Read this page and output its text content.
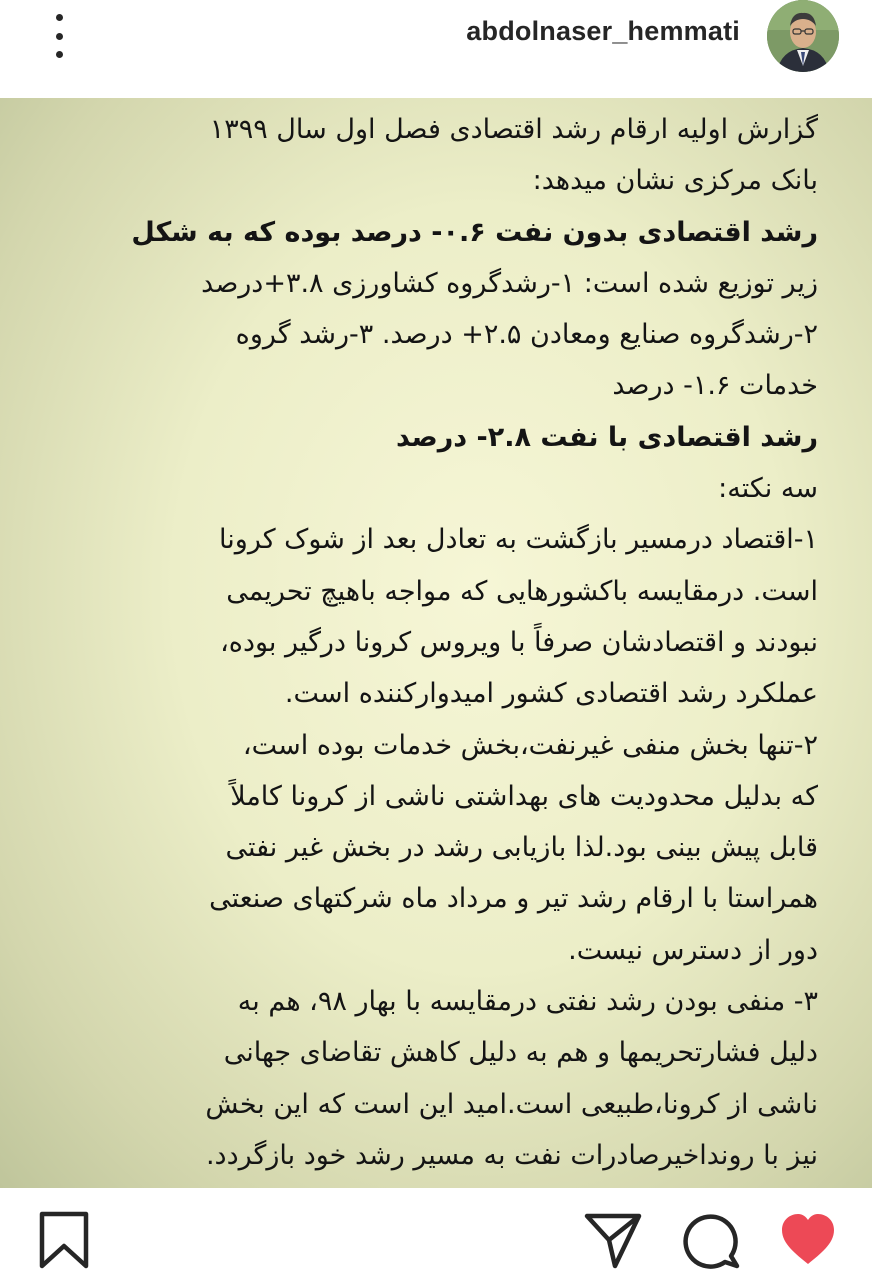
abdolnaser_hemmati

گزارش اولیه ارقام رشد اقتصادی فصل اول سال ۱۳۹۹

بانک مرکزی نشان میدهد:

رشد اقتصادی بدون نفت ۰.۶- درصد بوده که به شکل

زیر توزیع شده است: ۱-رشدگروه کشاورزی ۳.۸+درصد

۲-رشدگروه صنایع ومعادن ۲.۵+ درصد. ۳-رشد گروه

خدمات ۱.۶- درصد

رشد اقتصادی با نفت ۲.۸- درصد

سه نکته:

۱-اقتصاد درمسیر بازگشت به تعادل بعد از شوک کرونا

است. درمقایسه باکشورهایی که مواجه باهیچ تحریمی

نبودند و اقتصادشان صرفاً با ویروس کرونا درگیر بوده،

عملکرد رشد اقتصادی کشور امیدوارکننده است.

۲-تنها بخش منفی غیرنفت،بخش خدمات بوده است،

که بدلیل محدودیت های بهداشتی ناشی از کرونا کاملاً

قابل پیش بینی بود.لذا بازیابی رشد در بخش غیر نفتی

همراستا با ارقام رشد تیر و مرداد ماه شرکتهای صنعتی

دور از دسترس نیست.

۳- منفی بودن رشد نفتی درمقایسه با بهار ۹۸، هم به

دلیل فشارتحریمها و هم به دلیل کاهش تقاضای جهانی

ناشی از کرونا،طبیعی است.امید این است که این بخش

نیز با رونداخیرصادرات نفت به مسیر رشد خود بازگردد.
